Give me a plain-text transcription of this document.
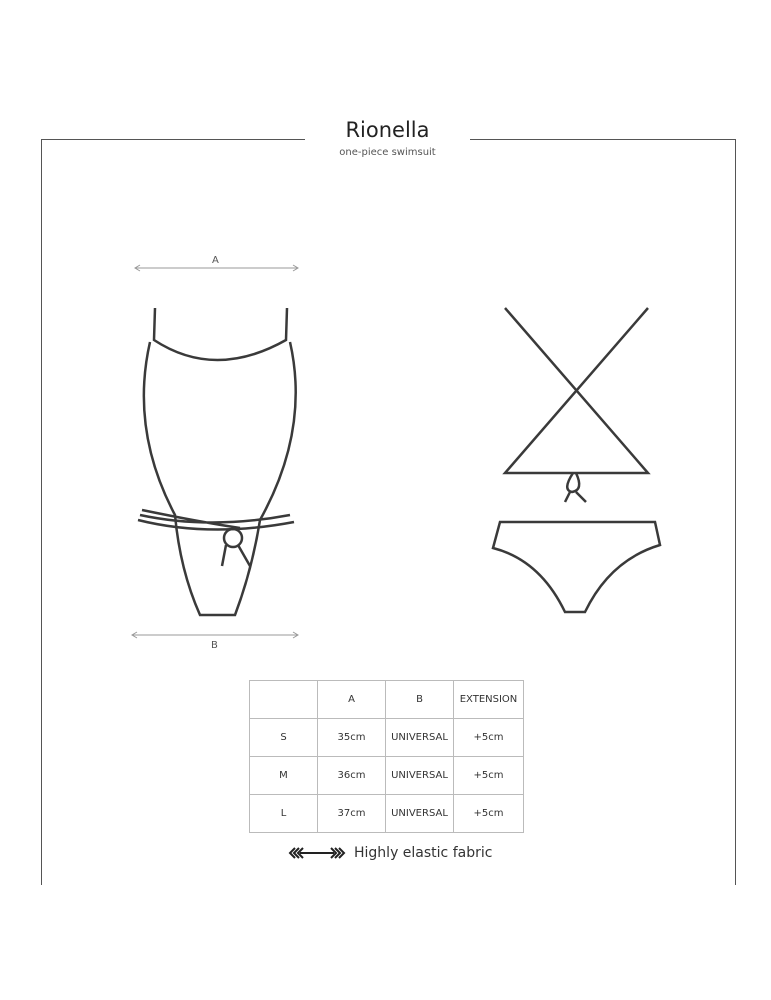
Rionella
one-piece swimsuit
A
B
	A	B	EXTENSION
S	35cm	UNIVERSAL	+5cm
M	36cm	UNIVERSAL	+5cm
L	37cm	UNIVERSAL	+5cm
Highly elastic fabric
